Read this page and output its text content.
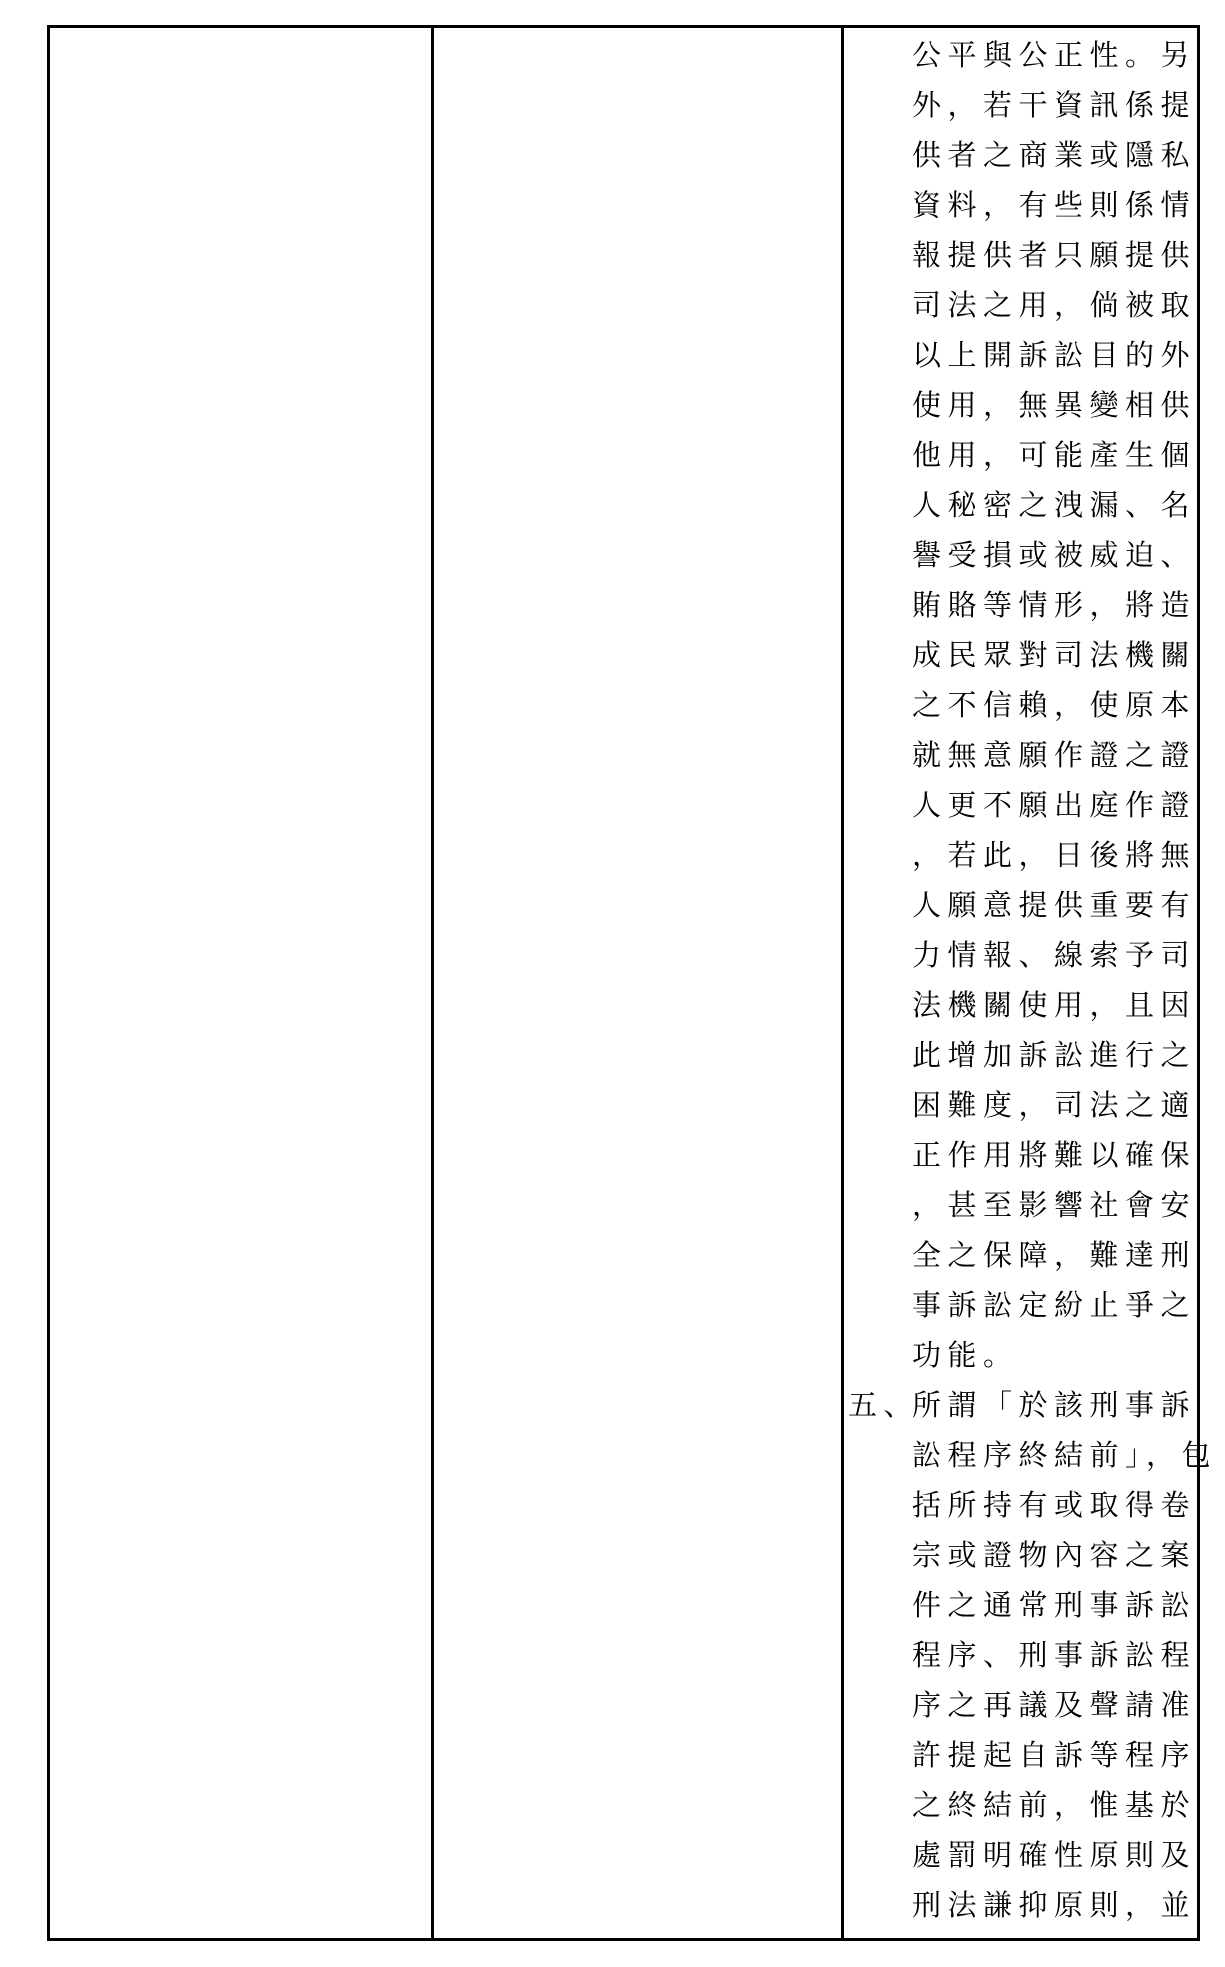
公平與公正性。另
外，若干資訊係提
供者之商業或隱私
資料，有些則係情
報提供者只願提供
司法之用，倘被取
以上開訴訟目的外
使用，無異變相供
他用，可能產生個
人秘密之洩漏、名
譽受損或被威迫、
賄賂等情形，將造
成民眾對司法機關
之不信賴，使原本
就無意願作證之證
人更不願出庭作證
，若此，日後將無
人願意提供重要有
力情報、線索予司
法機關使用，且因
此增加訴訟進行之
困難度，司法之適
正作用將難以確保
，甚至影響社會安
全之保障，難達刑
事訴訟定紛止爭之
功能。
五、
所謂「於該刑事訴
訟程序終結前」，包
括所持有或取得卷
宗或證物內容之案
件之通常刑事訴訟
程序、刑事訴訟程
序之再議及聲請准
許提起自訴等程序
之終結前，惟基於
處罰明確性原則及
刑法謙抑原則，並
